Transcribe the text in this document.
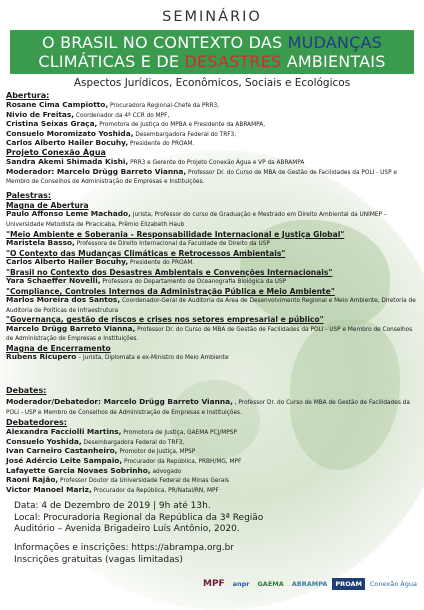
SEMINÁRIO
O BRASIL NO CONTEXTO DAS MUDANÇAS
CLIMÁTICAS E DE DESASTRES AMBIENTAIS
Aspectos Jurídicos, Econômicos, Sociais e Ecológicos
Abertura:
Rosane Cima Campiotto, Procuradora Regional-Chefe da PRR3,
Nivio de Freitas, Coordenador da 4ª CCR do MPF,
Cristina Seixas Graça, Promotora de Justiça do MPBA e Presidente da ABRAMPA,
Consuelo Moromizato Yoshida, Desembargadora Federal do TRF3,
Carlos Alberto Hailer Bocuhy, Presidente do PROAM.
Projeto Conexão Água
Sandra Akemi Shimada Kishi, PRR3 e Gerente do Projeto Conexão Água e VP da ABRAMPA
Moderador: Marcelo Drügg Barreto Vianna, Professor Dr. do Curso de MBA de Gestão de Facilidades da POLI - USP e Membro de Conselhos de Administração de Empresas e Instituições.
Palestras:
Magna de Abertura
Paulo Affonso Leme Machado, Jurista, Professor do curso de Graduação e Mestrado em Direito Ambiental da UNIMEP – Universidade Metodista de Piracicaba, Prêmio Elizabeth Haub
"Meio Ambiente e Soberania - Responsabilidade Internacional e Justiça Global"
Maristela Basso, Professora de Direito Internacional da Faculdade de Direito da USP
"O Contexto das Mudanças Climáticas e Retrocessos Ambientais"
Carlos Alberto Hailer Bocuhy, Presidente do PROAM.
"Brasil no Contexto dos Desastres Ambientais e Convenções Internacionais"
Yara Schaeffer Novelli, Professora do Departamento de Oceanografia Biológica da USP
"Compliance, Controles Internos da Administração Pública e Meio Ambiente"
Marlos Moreira dos Santos, Coordenador-Geral de Auditoria da Área de Desenvolvimento Regional e Meio Ambiente, Diretoria de Auditoria de Políticas de Infraestrutura
"Governança, gestão de riscos e crises nos setores empresarial e público"
Marcelo Drügg Barreto Vianna, Professor Dr. do Curso de MBA de Gestão de Facilidades da POLI - USP e Membro de Conselhos de Administração de Empresas e Instituições.
Magna de Encerramento
Rubens Ricupero – Jurista, Diplomata e ex-Ministro do Meio Ambiente
Debates:
Moderador/Debatedor: Marcelo Drügg Barreto Vianna, , Professor Dr. do Curso de MBA de Gestão de Facilidades da POLI - USP e Membro de Conselhos de Administração de Empresas e Instituições.
Debatedores:
Alexandra Facciolli Martins, Promotora de Justiça, GAEMA PCJ/MPSP
Consuelo Yoshida, Desembargadora Federal do TRF3,
Ivan Carneiro Castanheiro, Promotor de Justiça, MPSP
José Adércio Leite Sampaio, Procurador da República, PRBH/MG, MPF
Lafayette Garcia Novaes Sobrinho, advogado
Raoni Rajão, Professor Doutor da Universidade Federal de Minas Gerais
Victor Manoel Mariz, Procurador da República, PR/Natal/RN, MPF
Data: 4 de Dezembro de 2019 | 9h até 13h.
Local: Procuradoria Regional da República da 3ª Região
Auditório – Avenida Brigadeiro Luís Antônio, 2020.
Informações e inscrições: https://abrampa.org.br
Inscrições gratuitas (vagas limitadas)
MPF	anpr	GAEMA	ABRAMPA	PROAM	Conexão Água
